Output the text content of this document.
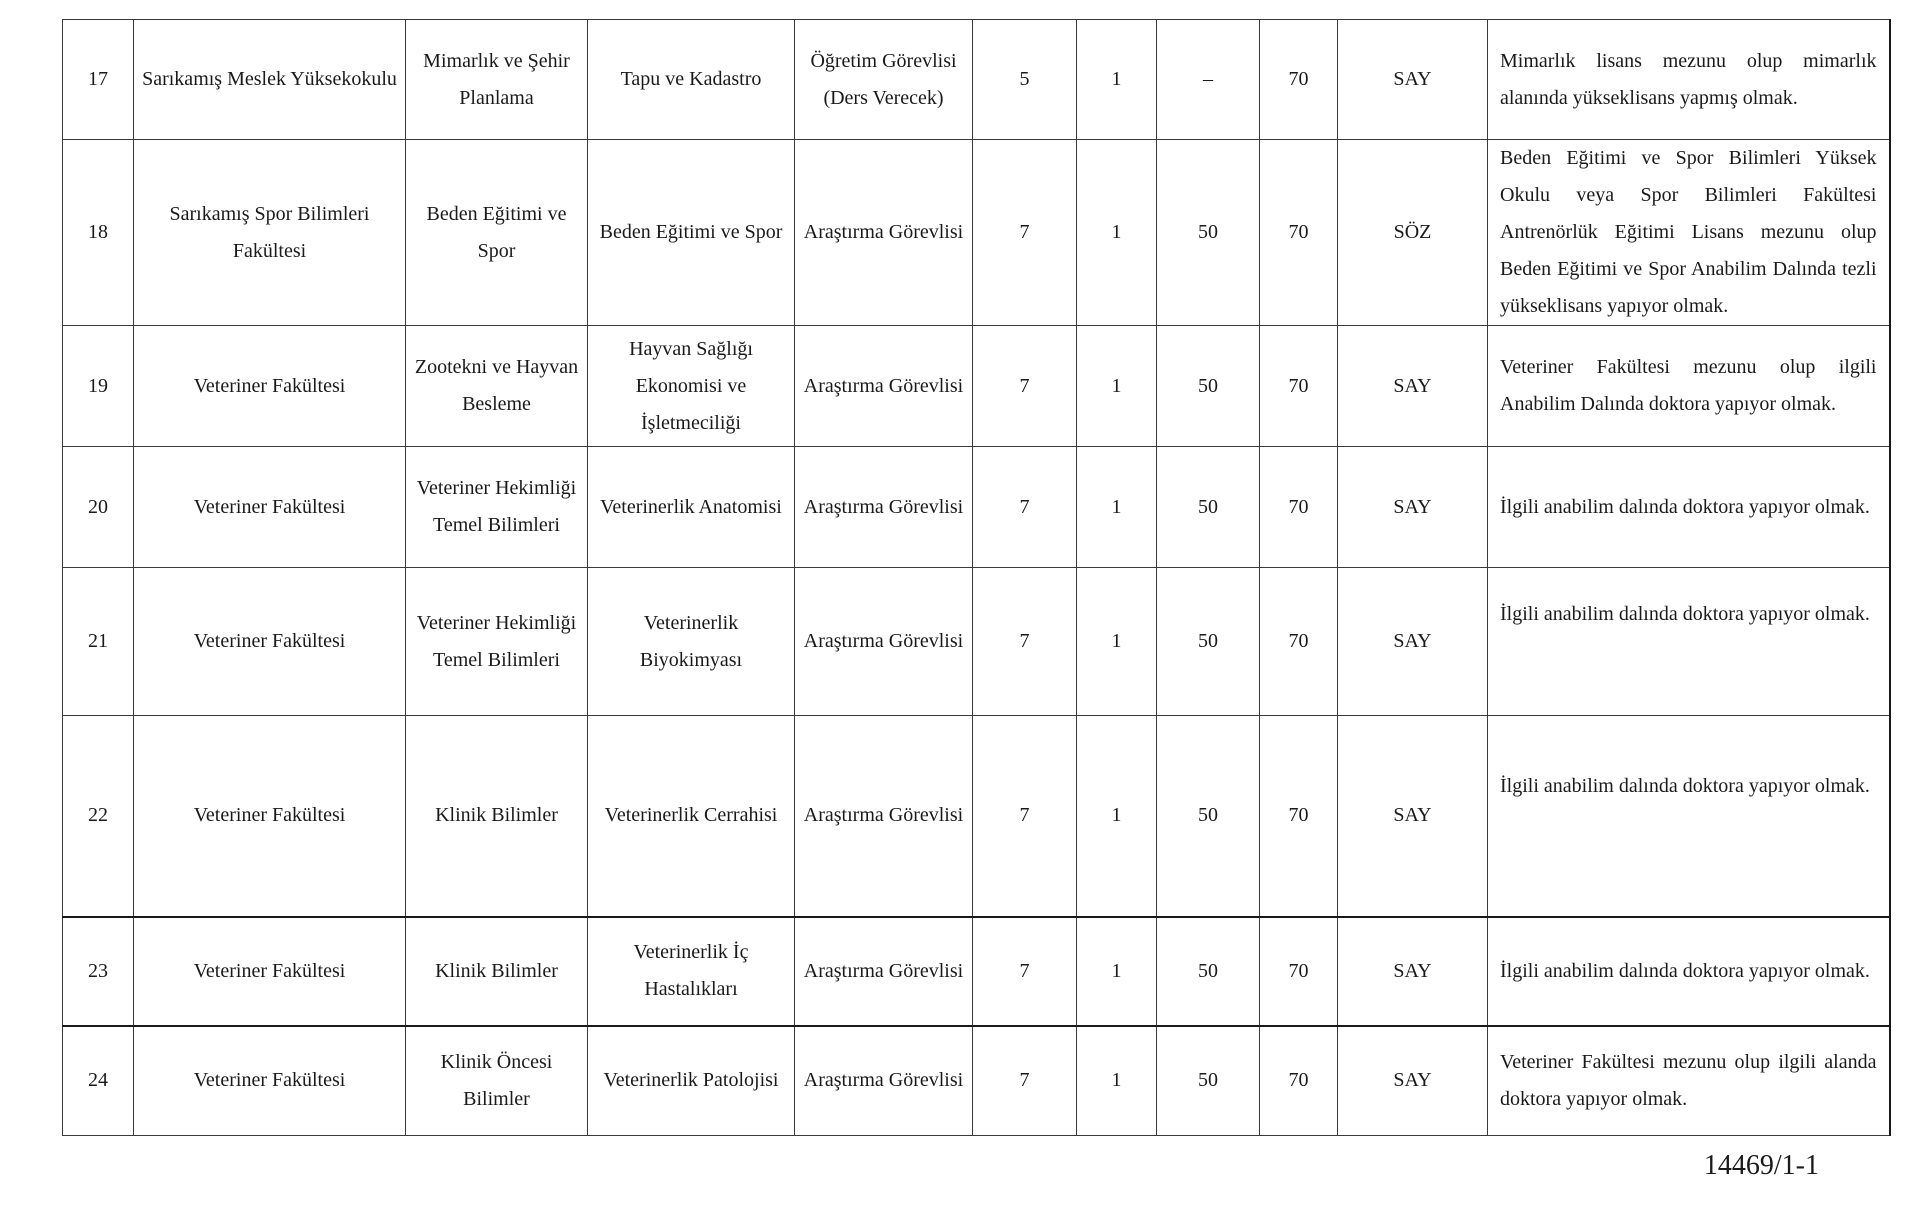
17	Sarıkamış Meslek Yüksekokulu	Mimarlık ve Şehir Planlama	Tapu ve Kadastro	Öğretim Görevlisi (Ders Verecek)	5	1	–	70	SAY	Mimarlık lisans mezunu olup mimarlık alanında yükseklisans yapmış olmak.
18	Sarıkamış Spor Bilimleri Fakültesi	Beden Eğitimi ve Spor	Beden Eğitimi ve Spor	Araştırma Görevlisi	7	1	50	70	SÖZ	Beden Eğitimi ve Spor Bilimleri Yüksek Okulu veya Spor Bilimleri Fakültesi Antrenörlük Eğitimi Lisans mezunu olup Beden Eğitimi ve Spor Anabilim Dalında tezli yükseklisans yapıyor olmak.
19	Veteriner Fakültesi	Zootekni ve Hayvan Besleme	Hayvan Sağlığı Ekonomisi ve İşletmeciliği	Araştırma Görevlisi	7	1	50	70	SAY	Veteriner Fakültesi mezunu olup ilgili Anabilim Dalında doktora yapıyor olmak.
20	Veteriner Fakültesi	Veteriner Hekimliği Temel Bilimleri	Veterinerlik Anatomisi	Araştırma Görevlisi	7	1	50	70	SAY	İlgili anabilim dalında doktora yapıyor olmak.
21	Veteriner Fakültesi	Veteriner Hekimliği Temel Bilimleri	Veterinerlik Biyokimyası	Araştırma Görevlisi	7	1	50	70	SAY	İlgili anabilim dalında doktora yapıyor olmak.
22	Veteriner Fakültesi	Klinik Bilimler	Veterinerlik Cerrahisi	Araştırma Görevlisi	7	1	50	70	SAY	İlgili anabilim dalında doktora yapıyor olmak.
23	Veteriner Fakültesi	Klinik Bilimler	Veterinerlik İç Hastalıkları	Araştırma Görevlisi	7	1	50	70	SAY	İlgili anabilim dalında doktora yapıyor olmak.
24	Veteriner Fakültesi	Klinik Öncesi Bilimler	Veterinerlik Patolojisi	Araştırma Görevlisi	7	1	50	70	SAY	Veteriner Fakültesi mezunu olup ilgili alanda doktora yapıyor olmak.
14469/1-1
